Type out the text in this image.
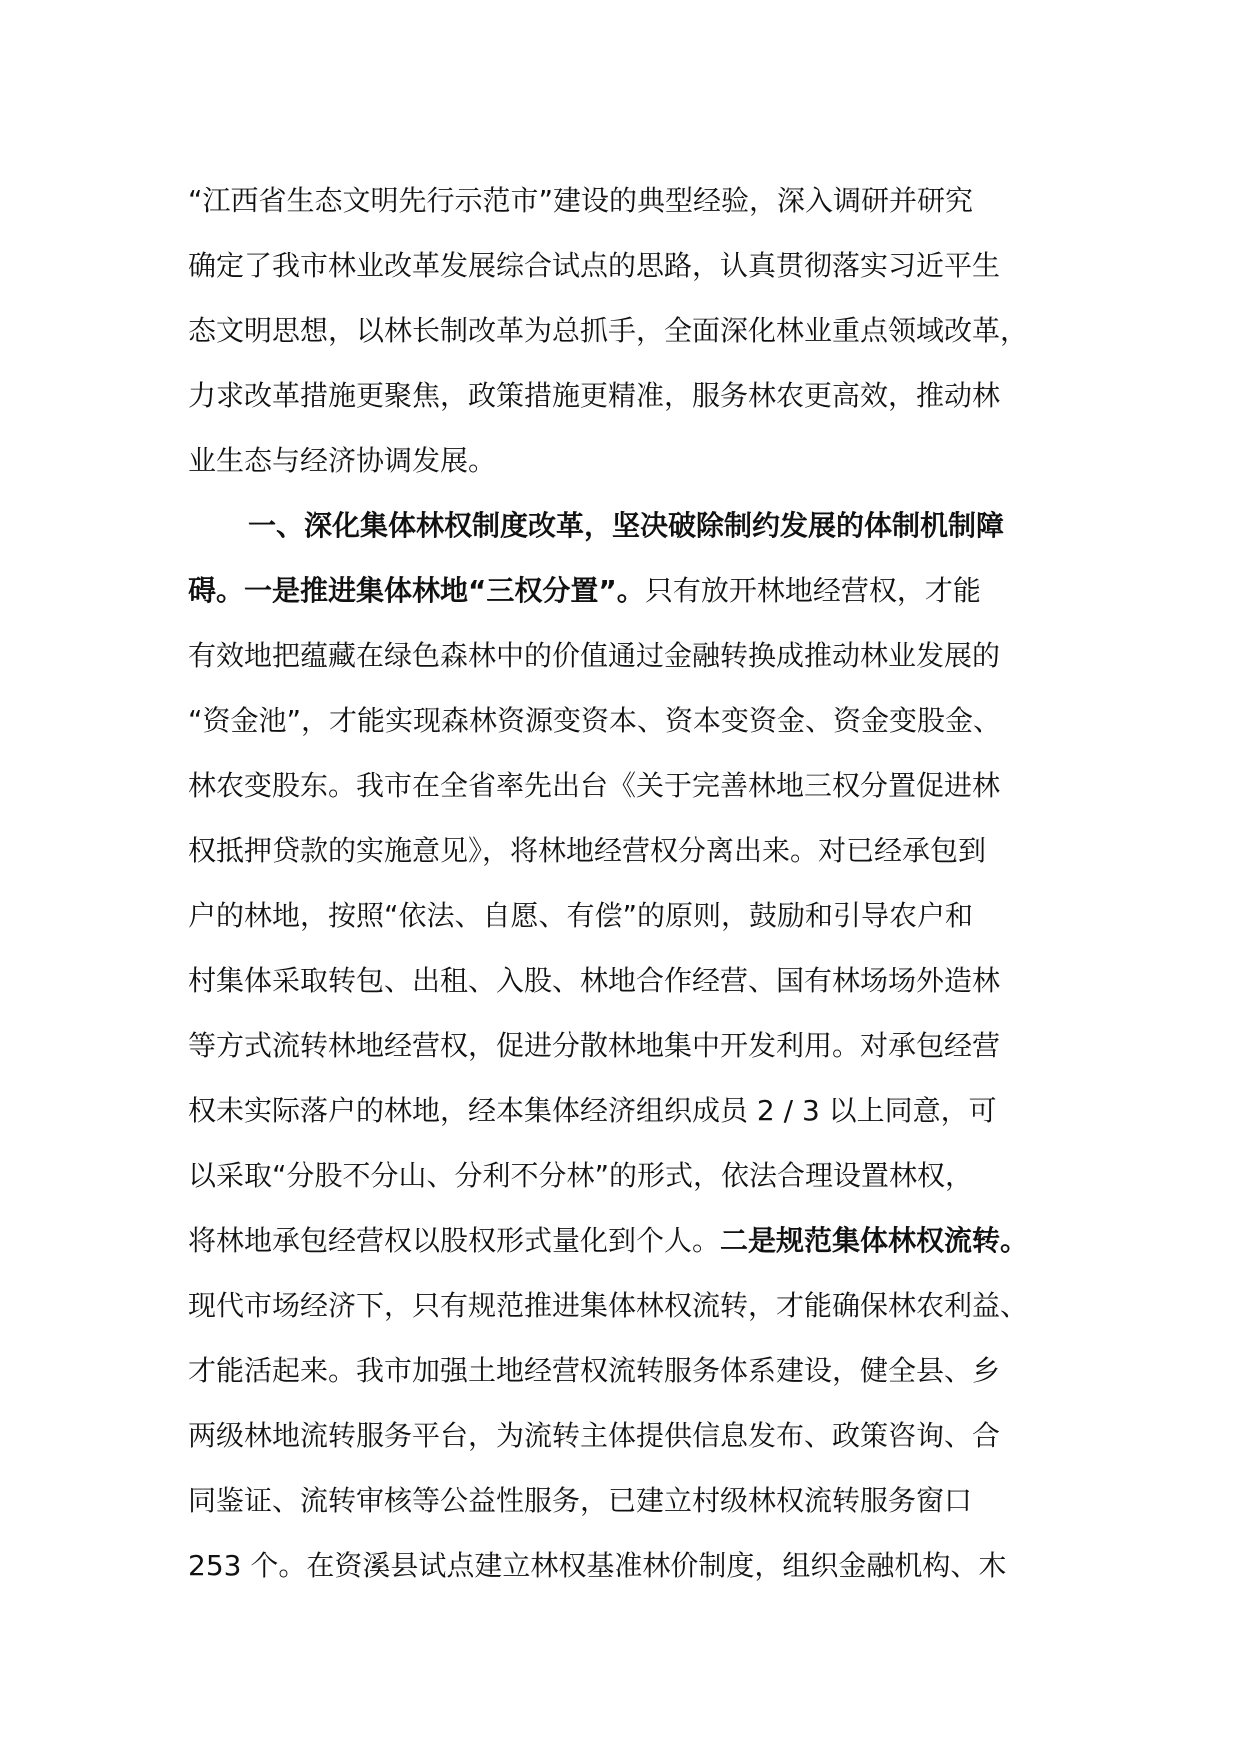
“江西省生态文明先行示范市”建设的典型经验，深入调研并研究
确定了我市林业改革发展综合试点的思路，认真贯彻落实习近平生
态文明思想，以林长制改革为总抓手，全面深化林业重点领域改革，
力求改革措施更聚焦，政策措施更精准，服务林农更高效，推动林
业生态与经济协调发展。
一、深化集体林权制度改革，坚决破除制约发展的体制机制障
碍。一是推进集体林地“三权分置”。只有放开林地经营权，才能
有效地把蕴藏在绿色森林中的价值通过金融转换成推动林业发展的
“资金池”，才能实现森林资源变资本、资本变资金、资金变股金、
林农变股东。我市在全省率先出台《关于完善林地三权分置促进林
权抵押贷款的实施意见》，将林地经营权分离出来。对已经承包到
户的林地，按照“依法、自愿、有偿”的原则，鼓励和引导农户和
村集体采取转包、出租、入股、林地合作经营、国有林场场外造林
等方式流转林地经营权，促进分散林地集中开发利用。对承包经营
权未实际落户的林地，经本集体经济组织成员 2 / 3 以上同意，可
以采取“分股不分山、分利不分林”的形式，依法合理设置林权，
将林地承包经营权以股权形式量化到个人。二是规范集体林权流转。
现代市场经济下，只有规范推进集体林权流转，才能确保林农利益、
才能活起来。我市加强土地经营权流转服务体系建设，健全县、乡
两级林地流转服务平台，为流转主体提供信息发布、政策咨询、合
同鉴证、流转审核等公益性服务，已建立村级林权流转服务窗口
253 个。在资溪县试点建立林权基准林价制度，组织金融机构、木
